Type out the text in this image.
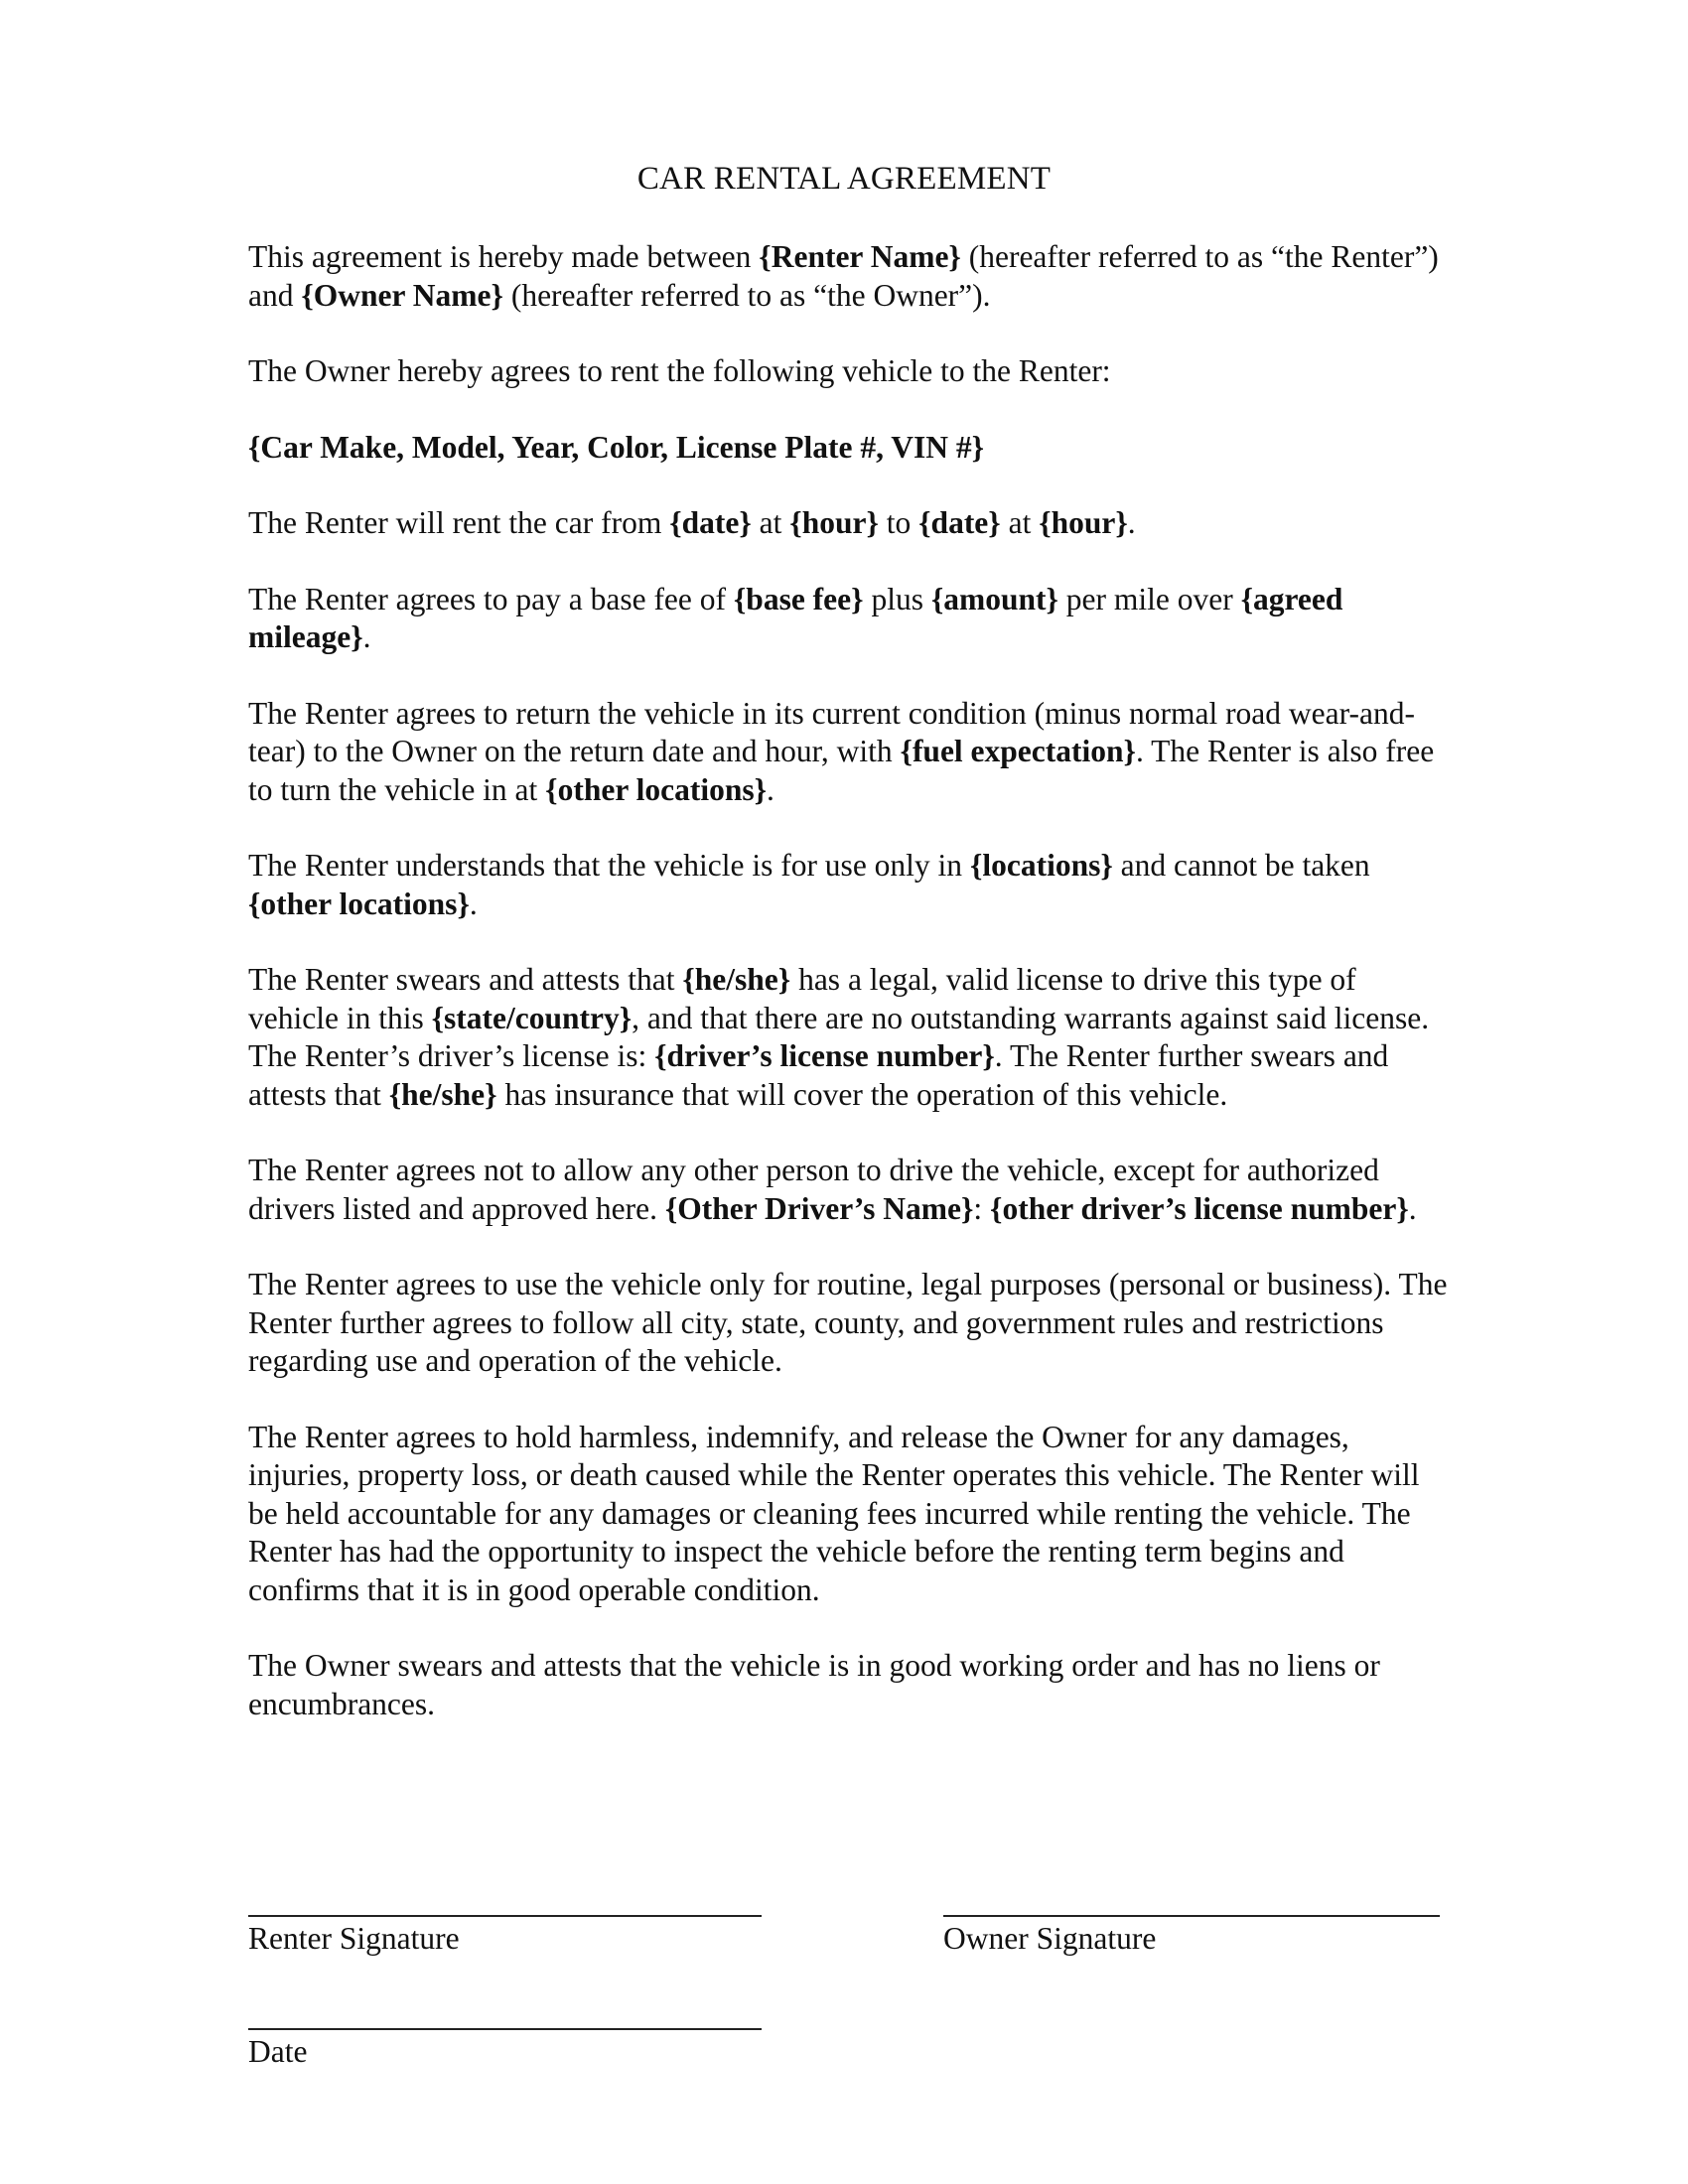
CAR RENTAL AGREEMENT

This agreement is hereby made between {Renter Name} (hereafter referred to as “the Renter”) and {Owner Name} (hereafter referred to as “the Owner”).

The Owner hereby agrees to rent the following vehicle to the Renter:

{Car Make, Model, Year, Color, License Plate #, VIN #}

The Renter will rent the car from {date} at {hour} to {date} at {hour}.

The Renter agrees to pay a base fee of {base fee} plus {amount} per mile over {agreed mileage}.

The Renter agrees to return the vehicle in its current condition (minus normal road wear-and-tear) to the Owner on the return date and hour, with {fuel expectation}. The Renter is also free to turn the vehicle in at {other locations}.

The Renter understands that the vehicle is for use only in {locations} and cannot be taken {other locations}.

The Renter swears and attests that {he/she} has a legal, valid license to drive this type of vehicle in this {state/country}, and that there are no outstanding warrants against said license. The Renter’s driver’s license is: {driver’s license number}. The Renter further swears and attests that {he/she} has insurance that will cover the operation of this vehicle.

The Renter agrees not to allow any other person to drive the vehicle, except for authorized drivers listed and approved here. {Other Driver’s Name}: {other driver’s license number}.

The Renter agrees to use the vehicle only for routine, legal purposes (personal or business). The Renter further agrees to follow all city, state, county, and government rules and restrictions regarding use and operation of the vehicle.

The Renter agrees to hold harmless, indemnify, and release the Owner for any damages, injuries, property loss, or death caused while the Renter operates this vehicle. The Renter will be held accountable for any damages or cleaning fees incurred while renting the vehicle. The Renter has had the opportunity to inspect the vehicle before the renting term begins and confirms that it is in good operable condition.

The Owner swears and attests that the vehicle is in good working order and has no liens or encumbrances.

Renter Signature	Owner Signature
Date
